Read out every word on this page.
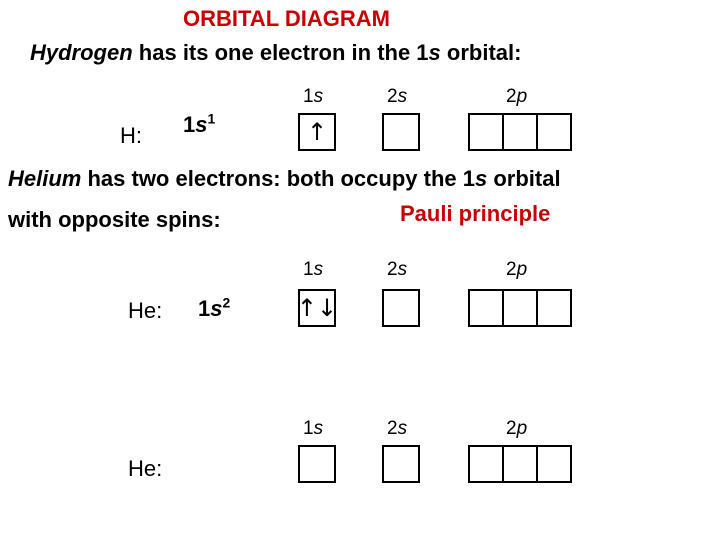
ORBITAL DIAGRAM
Hydrogen has its one electron in the 1s orbital:
1s	2s	2p
H: $1s^1$	↑
Helium has two electrons: both occupy the 1s orbital
Pauli principle
with opposite spins:
1s	2s	2p
He: $1s^2$	↑↓
1s	2s	2p
He:
